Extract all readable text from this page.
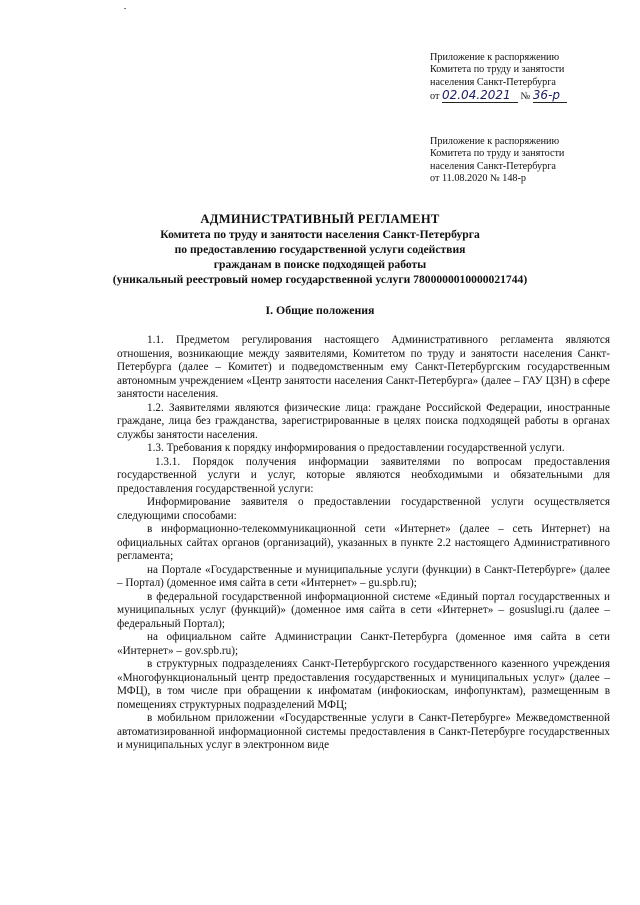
Приложение к распоряжению
Комитета по труду и занятости
населения Санкт-Петербурга
от 02.04.2021 № 36-р
Приложение к распоряжению
Комитета по труду и занятости
населения Санкт-Петербурга
от 11.08.2020 № 148-р
АДМИНИСТРАТИВНЫЙ РЕГЛАМЕНТ
Комитета по труду и занятости населения Санкт-Петербурга
по предоставлению государственной услуги содействия
гражданам в поиске подходящей работы
(уникальный реестровый номер государственной услуги 7800000010000021744)
I. Общие положения

1.1. Предметом регулирования настоящего Административного регламента являются отношения, возникающие между заявителями, Комитетом по труду и занятости населения Санкт-Петербурга (далее – Комитет) и подведомственным ему Санкт-Петербургским государственным автономным учреждением «Центр занятости населения Санкт-Петербурга» (далее – ГАУ ЦЗН) в сфере занятости населения.

1.2. Заявителями являются физические лица: граждане Российской Федерации, иностранные граждане, лица без гражданства, зарегистрированные в целях поиска подходящей работы в органах службы занятости населения.

1.3. Требования к порядку информирования о предоставлении государственной услуги.

1.3.1. Порядок получения информации заявителями по вопросам предоставления государственной услуги и услуг, которые являются необходимыми и обязательными для предоставления государственной услуги:

Информирование заявителя о предоставлении государственной услуги осуществляется следующими способами:

в информационно-телекоммуникационной сети «Интернет» (далее – сеть Интернет) на официальных сайтах органов (организаций), указанных в пункте 2.2 настоящего Административного регламента;

на Портале «Государственные и муниципальные услуги (функции) в Санкт-Петербурге» (далее – Портал) (доменное имя сайта в сети «Интернет» – gu.spb.ru);

в федеральной государственной информационной системе «Единый портал государственных и муниципальных услуг (функций)» (доменное имя сайта в сети «Интернет» – gosuslugi.ru (далее – федеральный Портал);

на официальном сайте Администрации Санкт-Петербурга (доменное имя сайта в сети «Интернет» – gov.spb.ru);

в структурных подразделениях Санкт-Петербургского государственного казенного учреждения «Многофункциональный центр предоставления государственных и муниципальных услуг» (далее – МФЦ), в том числе при обращении к инфоматам (инфокиоскам, инфопунктам), размещенным в помещениях структурных подразделений МФЦ;

в мобильном приложении «Государственные услуги в Санкт-Петербурге» Межведомственной автоматизированной информационной системы предоставления в Санкт-Петербурге государственных и муниципальных услуг в электронном виде
